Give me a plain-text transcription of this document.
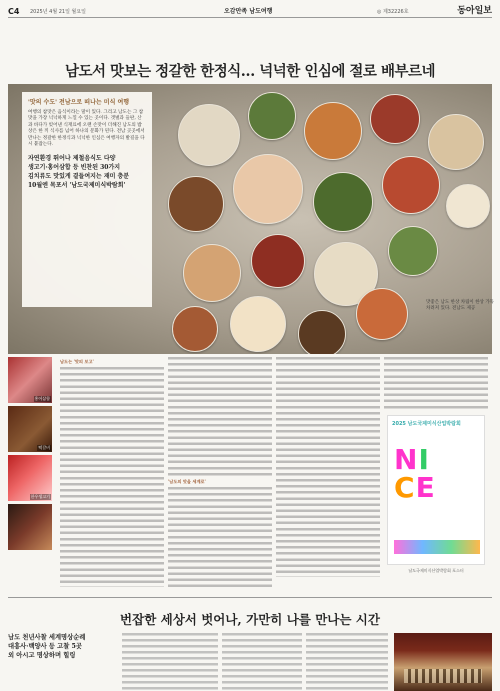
C4 2025년 4월 21일 월요일	오감만족 남도여행	◎ 제32226호	동아일보
남도서 맛보는 정갈한 한정식… 넉넉한 인심에 절로 배부르네
'맛의 수도' 전남으로 떠나는 미식 여행
여행의 참맛은 음식이라는 말이 있다. 그리고 남도는 그 참맛을 가장 넉넉하게 느낄 수 있는 곳이다. 갯벌과 들판, 산과 바다가 빚어낸 식재료에 오랜 손맛이 더해진 남도의 밥상은 한 끼 식사를 넘어 하나의 문화가 된다. 전남 곳곳에서 만나는 정갈한 한정식과 넉넉한 인심은 여행자의 발길을 다시 붙잡는다.
자연환경 뛰어나 제철음식도 다양
생고기·홍어삼합 등 빈찬된 30가지
김치류도 맛있게 곁들여지는 재미 충분
10월엔 목포서 '남도국제미식박람회'
맛좋은 남도 한상 차림이 한상 가득 차려져 있다. 전남도 제공
홍어삼합
떡갈비
한우생고기
남도는 '맛의 보고'
'남도의 맛을 세계로'
2025 남도국제미식산업박람회
NI
CE
남도국제미식산업박람회 포스터
번잡한 세상서 벗어나, 가만히 나를 만나는 시간
남도 천년사찰 세계명상순례
대흥사·백양사 등 고찰 5곳
외 아시고 명상하며 힐링
